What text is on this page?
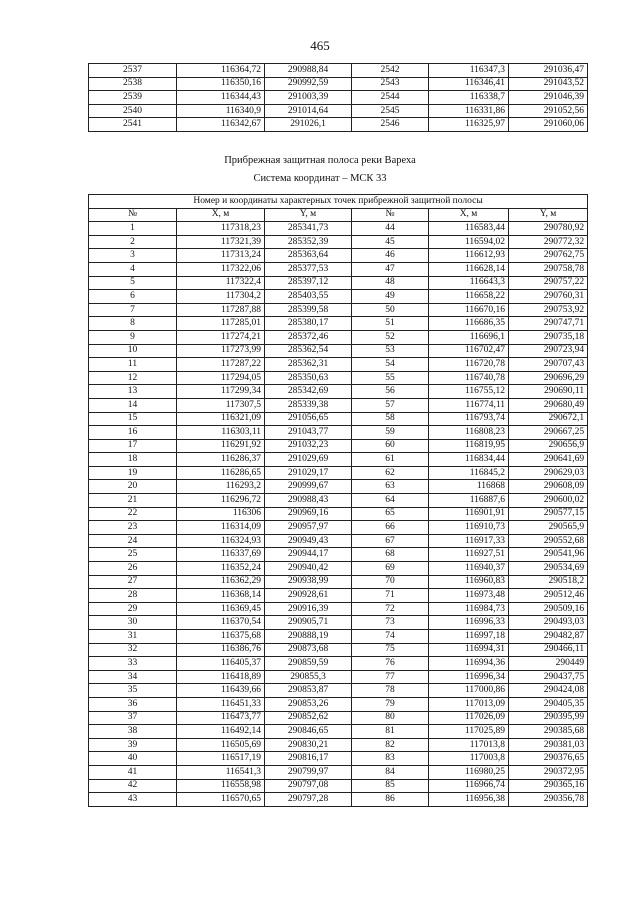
465
2537	116364,72	290988,84	2542	116347,3	291036,47
2538	116350,16	290992,59	2543	116346,41	291043,52
2539	116344,43	291003,39	2544	116338,7	291046,39
2540	116340,9	291014,64	2545	116331,86	291052,56
2541	116342,67	291026,1	2546	116325,97	291060,06
Прибрежная защитная полоса реки Вареха
Система координат – МСК 33
Номер и координаты характерных точек прибрежной защитной полосы					
№	X, м	Y, м	№	X, м	Y, м
1	117318,23	285341,73	44	116583,44	290780,92
2	117321,39	285352,39	45	116594,02	290772,32
3	117313,24	285363,64	46	116612,93	290762,75
4	117322,06	285377,53	47	116628,14	290758,78
5	117322,4	285397,12	48	116643,3	290757,22
6	117304,2	285403,55	49	116658,22	290760,31
7	117287,88	285399,58	50	116670,16	290753,92
8	117285,01	285380,17	51	116686,35	290747,71
9	117274,21	285372,46	52	116696,1	290735,18
10	117273,99	285362,54	53	116702,47	290723,94
11	117287,22	285362,31	54	116720,78	290707,43
12	117294,05	285350,63	55	116740,78	290696,29
13	117299,34	285342,69	56	116755,12	290690,11
14	117307,5	285339,38	57	116774,11	290680,49
15	116321,09	291056,65	58	116793,74	290672,1
16	116303,11	291043,77	59	116808,23	290667,25
17	116291,92	291032,23	60	116819,95	290656,9
18	116286,37	291029,69	61	116834,44	290641,69
19	116286,65	291029,17	62	116845,2	290629,03
20	116293,2	290999,67	63	116868	290608,09
21	116296,72	290988,43	64	116887,6	290600,02
22	116306	290969,16	65	116901,91	290577,15
23	116314,09	290957,97	66	116910,73	290565,9
24	116324,93	290949,43	67	116917,33	290552,68
25	116337,69	290944,17	68	116927,51	290541,96
26	116352,24	290940,42	69	116940,37	290534,69
27	116362,29	290938,99	70	116960,83	290518,2
28	116368,14	290928,61	71	116973,48	290512,46
29	116369,45	290916,39	72	116984,73	290509,16
30	116370,54	290905,71	73	116996,33	290493,03
31	116375,68	290888,19	74	116997,18	290482,87
32	116386,76	290873,68	75	116994,31	290466,11
33	116405,37	290859,59	76	116994,36	290449
34	116418,89	290855,3	77	116996,34	290437,75
35	116439,66	290853,87	78	117000,86	290424,08
36	116451,33	290853,26	79	117013,09	290405,35
37	116473,77	290852,62	80	117026,09	290395,99
38	116492,14	290846,65	81	117025,89	290385,68
39	116505,69	290830,21	82	117013,8	290381,03
40	116517,19	290816,17	83	117003,8	290376,65
41	116541,3	290799,97	84	116980,25	290372,95
42	116558,98	290797,08	85	116966,74	290365,16
43	116570,65	290797,28	86	116956,38	290356,78
